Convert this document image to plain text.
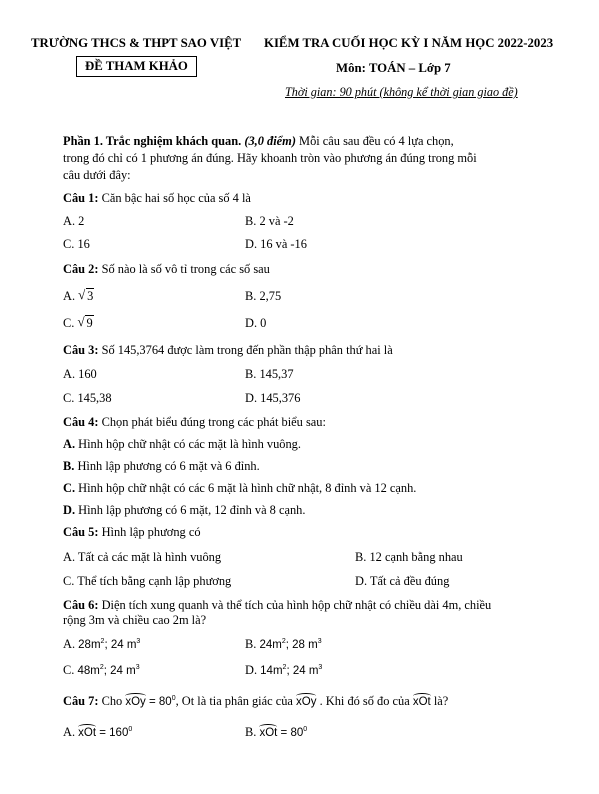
TRƯỜNG THCS & THPT SAO VIỆT KIỂM TRA CUỐI HỌC KỲ I NĂM HỌC 2022-2023
ĐỀ THAM KHẢO	Môn: TOÁN – Lớp 7
Thời gian: 90 phút (không kể thời gian giao đề)
Phần 1. Trắc nghiệm khách quan. (3,0 điểm) Mỗi câu sau đều có 4 lựa chọn,
trong đó chỉ có 1 phương án đúng. Hãy khoanh tròn vào phương án đúng trong mỗi
câu dưới đây:
Câu 1: Căn bậc hai số học của số 4 là
A. 2	B. 2 và -2
C. 16	D. 16 và -16
Câu 2: Số nào là số vô tỉ trong các số sau
A. √ 3	B. 2,75
C. √ 9	D. 0
Câu 3: Số 145,3764 được làm trong đến phần thập phân thứ hai là
A. 160	B. 145,37
C. 145,38	D. 145,376
Câu 4: Chọn phát biểu đúng trong các phát biểu sau:
A. Hình hộp chữ nhật có các mặt là hình vuông.
B. Hình lập phương có 6 mặt và 6 đỉnh.
C. Hình hộp chữ nhật có các 6 mặt là hình chữ nhật, 8 đỉnh và 12 cạnh.
D. Hình lập phương có 6 mặt, 12 đỉnh và 8 cạnh.
Câu 5: Hình lập phương có
A. Tất cả các mặt là hình vuông	B. 12 cạnh bằng nhau
C. Thể tích bằng cạnh lập phương	D. Tất cả đều đúng
Câu 6: Diện tích xung quanh và thể tích của hình hộp chữ nhật có chiều dài 4m, chiều
rộng 3m và chiều cao 2m là?
A. $28m^2$; 24 $m^3$	B. $24m^2$; 28 $m^3$
C. $48m^2$; 24 $m^3$	D. $14m^2$; 24 $m^3$
Câu 7: Cho xOy = $80^0$, Ot là tia phân giác của xOy . Khi đó số đo của xOt là?
A. xOt = $160^0$	B. xOt = $80^0$
